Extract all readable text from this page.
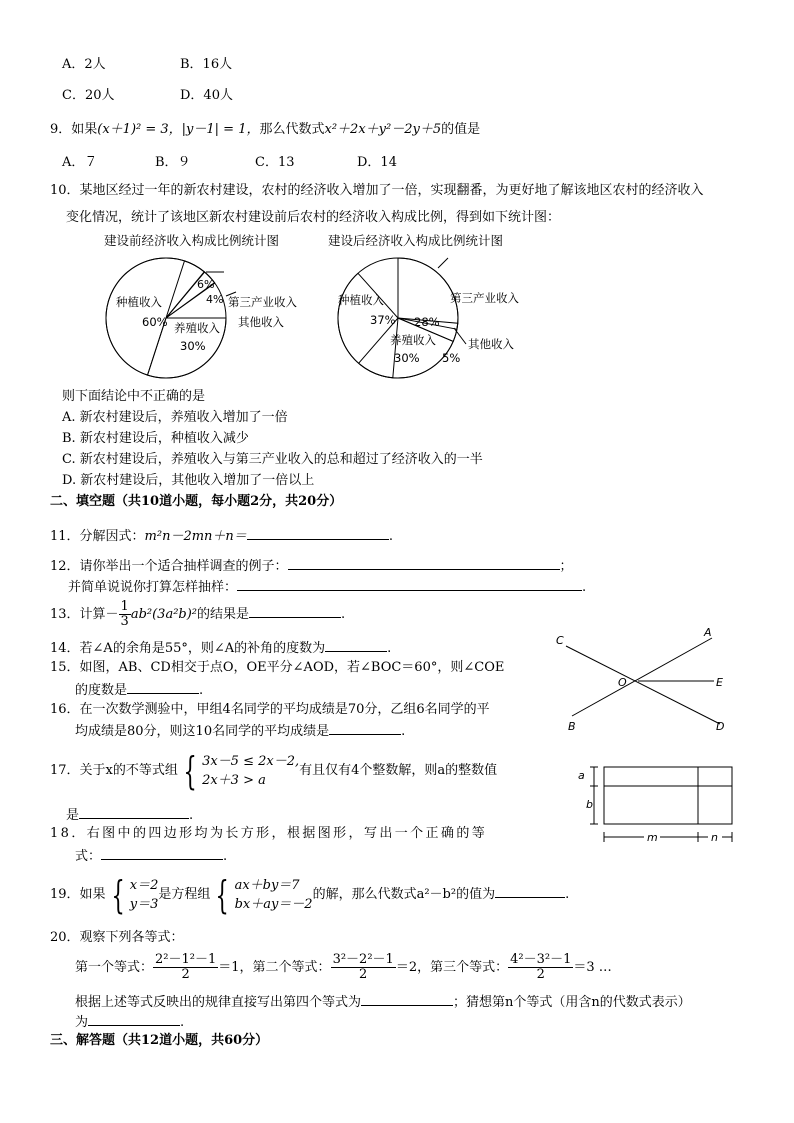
A．2人	B．16人
C．20人	D．40人
9．如果(x＋1)² = 3，|y－1| = 1，那么代数式x²＋2x＋y²－2y＋5的值是
A．７	B．９	C．13	D．14
10．某地区经过一年的新农村建设，农村的经济收入增加了一倍，实现翻番，为更好地了解该地区农村的经济收入
变化情况，统计了该地区新农村建设前后农村的经济收入构成比例，得到如下统计图：
建设前经济收入构成比例统计图
种植收入
60% 养殖收入
30%
第三产业收入
其他收入
6%
4%
建设后经济收入构成比例统计图
种植收入
37%
养殖收入
30%
第三产业收入
28%
其他收入
5%
则下面结论中不正确的是
A. 新农村建设后，养殖收入增加了一倍
B. 新农村建设后，种植收入减少
C. 新农村建设后，养殖收入与第三产业收入的总和超过了经济收入的一半
D. 新农村建设后，其他收入增加了一倍以上
二、填空题（共10道小题，每小题2分，共20分）
11．分解因式：m²n－2mn＋n＝	.
12．请你举出一个适合抽样调查的例子：	；
并简单说说你打算怎样抽样：	.
13．计算－ $\frac{1}{3} ab^2(3a^2b)^2$的结果是	.
14．若∠A的余角是55°，则∠A的补角的度数为	.
15．如图，AB、CD相交于点O，OE平分∠AOD，若∠BOC＝60°，则∠COE
的度数是	.
C
A
O	E
B	D
16．在一次数学测验中，甲组4名同学的平均成绩是70分，乙组6名同学的平
均成绩是80分，则这10名同学的平均成绩是	.
17．关于x的不等式组 { 3x－5 ≤ 2x－2,
2x＋3 > a
有且仅有4个整数解，则a的整数值
是	.
18．右图中的四边形均为长方形，根据图形，写出一个正确的等
式：	.
a
b
m	n
19．如果 { x＝2
y＝3
是方程组 { ax＋by＝7
bx＋ay＝－2
的解，那么代数式a²－b²的值为	.
20．观察下列各等式：
第一个等式： $\frac{\text{2²－1²－1}}{2} =1$，第二个等式： $\frac{\text{3²－2²－1}}{2} =2$，第三个等式： $\frac{\text{4²－3²－1}}{2} =3$ …
根据上述等式反映出的规律直接写出第四个等式为	；猜想第n个等式（用含n的代数式表示）
为	.
三、解答题（共12道小题，共60分）
